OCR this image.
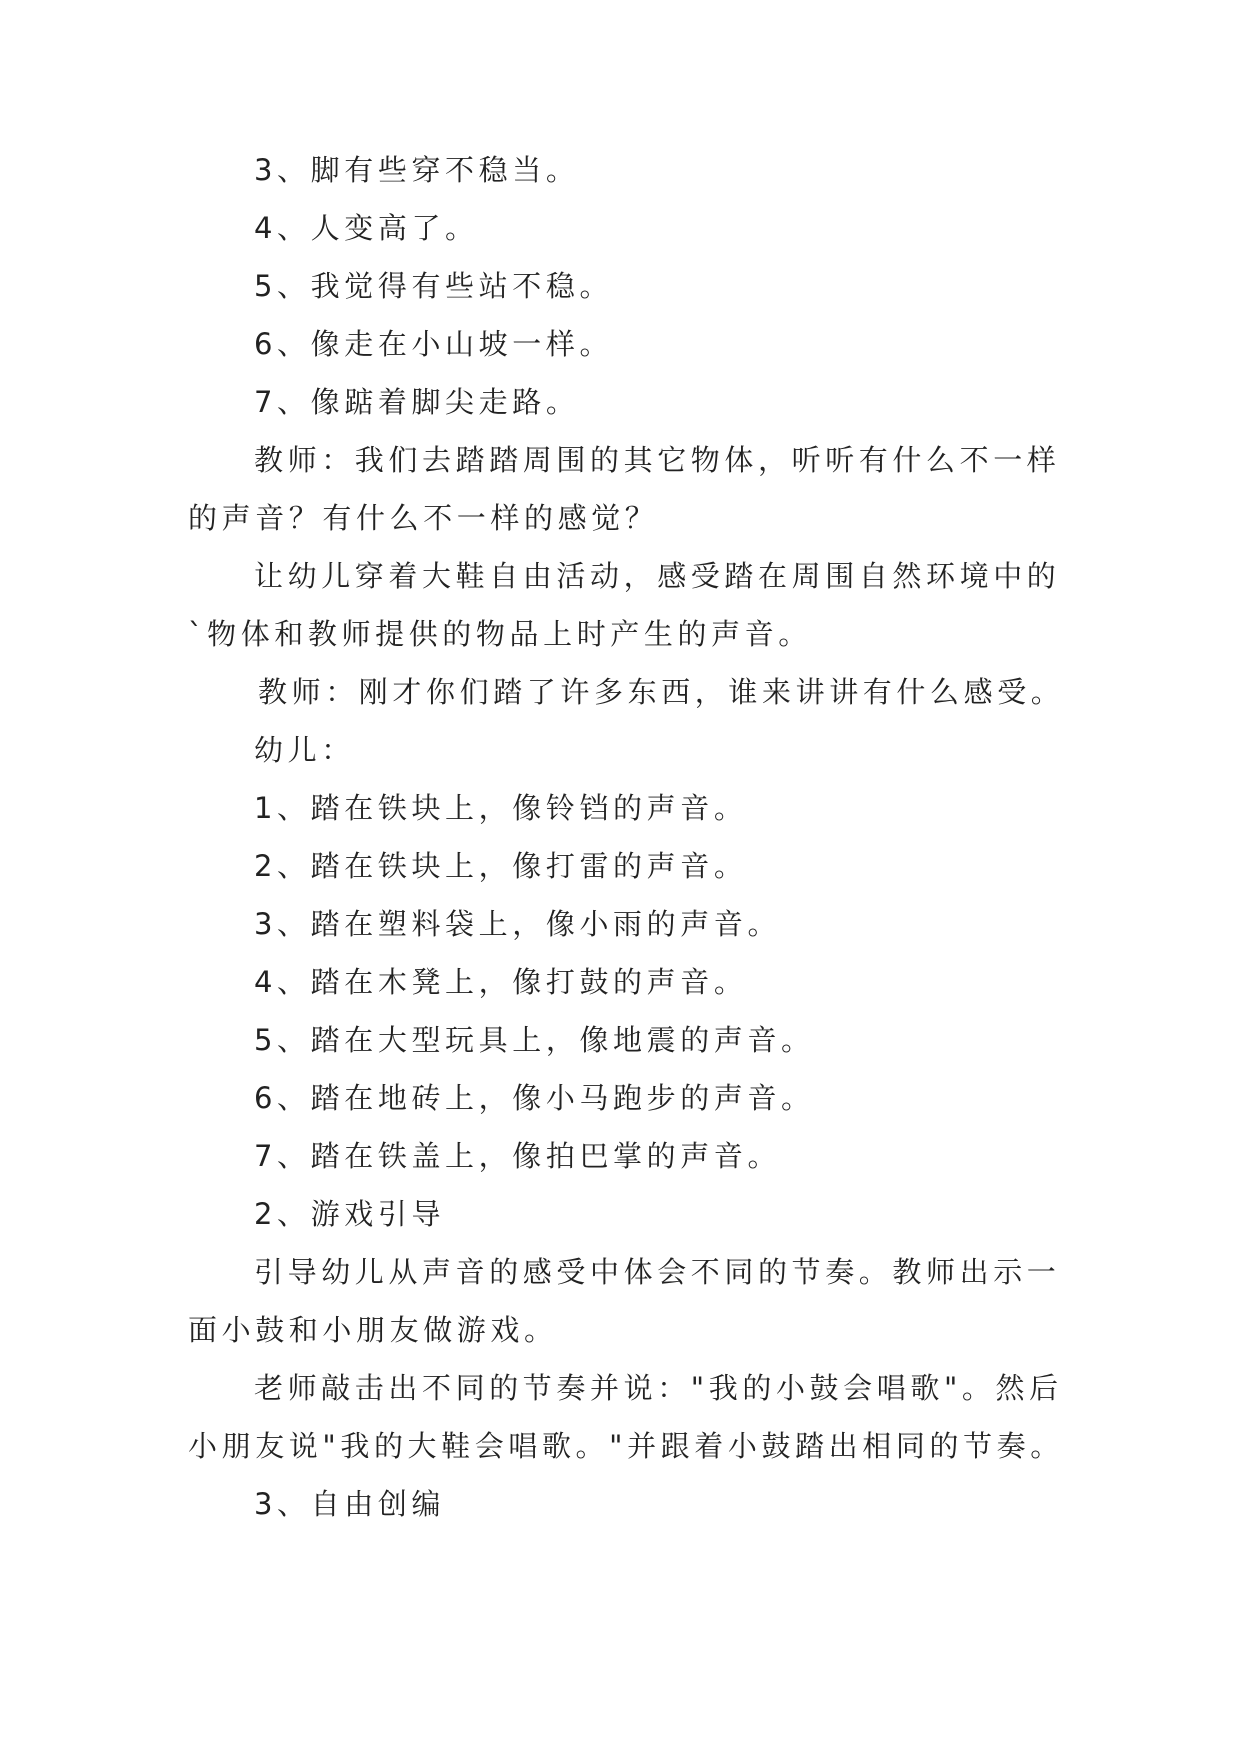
3、脚有些穿不稳当。
4、人变高了。
5、我觉得有些站不稳。
6、像走在小山坡一样。
7、像踮着脚尖走路。
教师：我们去踏踏周围的其它物体，听听有什么不一样
的声音？有什么不一样的感觉？
让幼儿穿着大鞋自由活动，感受踏在周围自然环境中的
`物体和教师提供的物品上时产生的声音。
教师：刚才你们踏了许多东西，谁来讲讲有什么感受。
幼儿：
1、踏在铁块上，像铃铛的声音。
2、踏在铁块上，像打雷的声音。
3、踏在塑料袋上，像小雨的声音。
4、踏在木凳上，像打鼓的声音。
5、踏在大型玩具上，像地震的声音。
6、踏在地砖上，像小马跑步的声音。
7、踏在铁盖上，像拍巴掌的声音。
2、游戏引导
引导幼儿从声音的感受中体会不同的节奏。教师出示一
面小鼓和小朋友做游戏。
老师敲击出不同的节奏并说："我的小鼓会唱歌"。然后
小朋友说"我的大鞋会唱歌。"并跟着小鼓踏出相同的节奏。
3、自由创编
